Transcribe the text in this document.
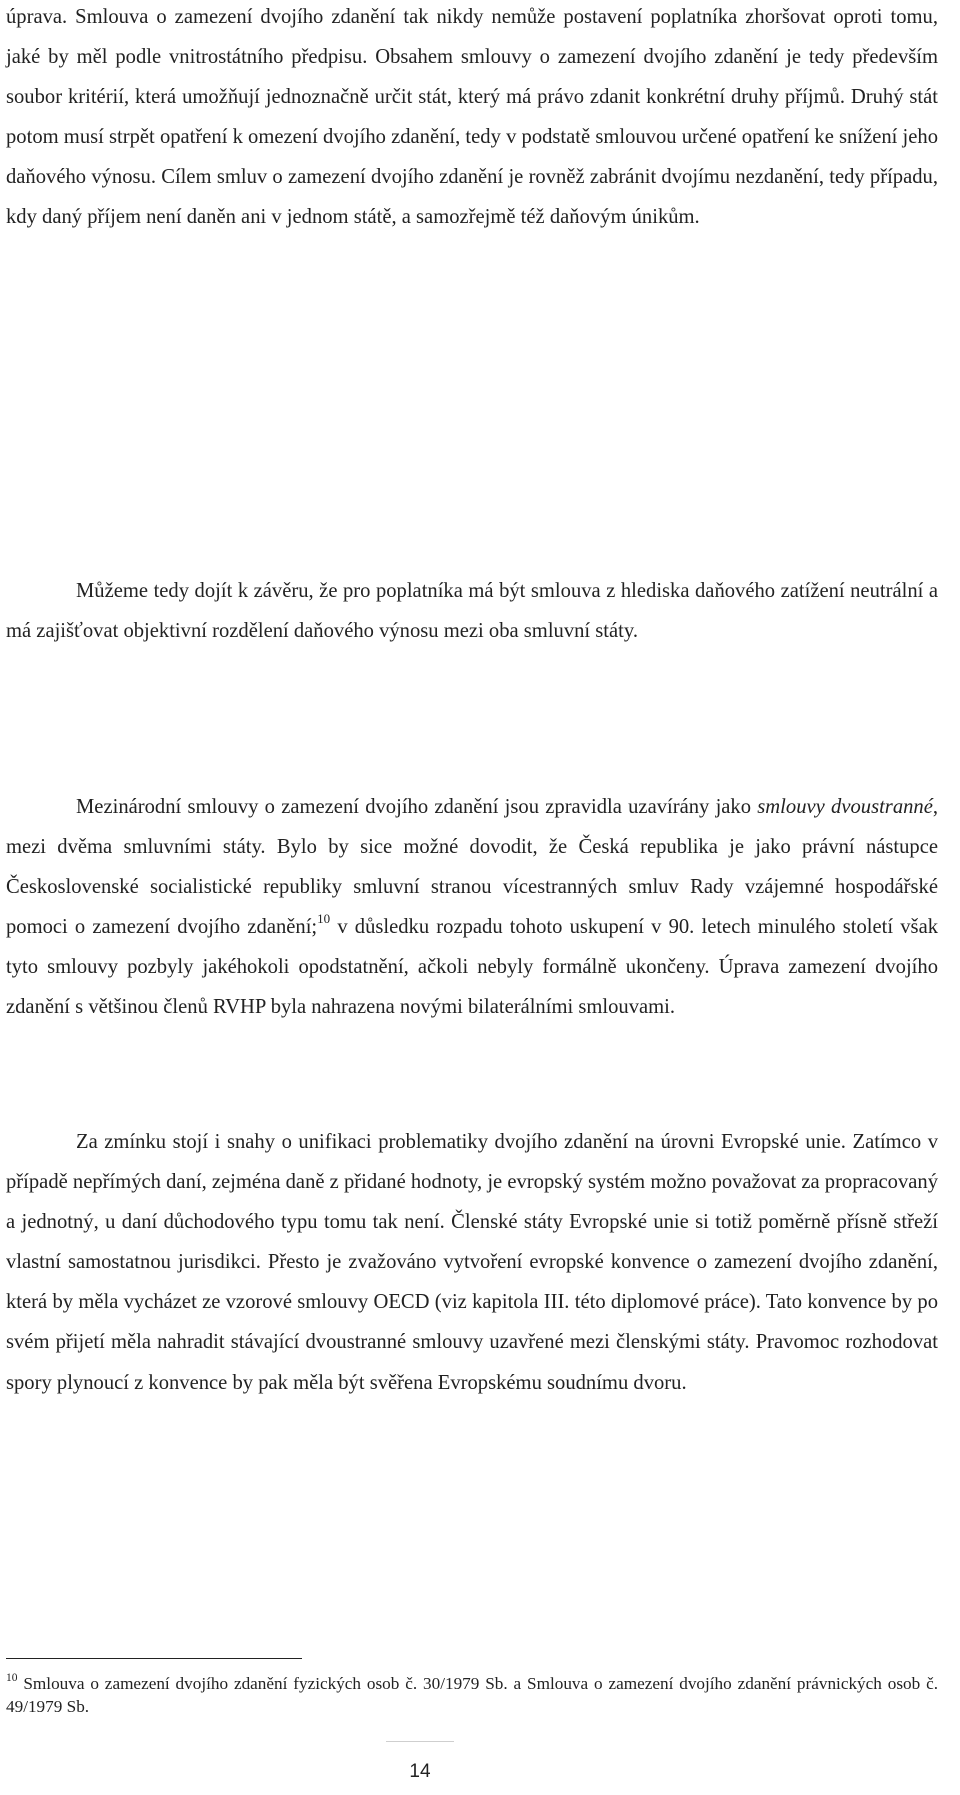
úprava. Smlouva o zamezení dvojího zdanění tak nikdy nemůže postavení poplatníka zhoršovat oproti tomu, jaké by měl podle vnitrostátního předpisu. Obsahem smlouvy o zamezení dvojího zdanění je tedy především soubor kritérií, která umožňují jednoznačně určit stát, který má právo zdanit konkrétní druhy příjmů. Druhý stát potom musí strpět opatření k omezení dvojího zdanění, tedy v podstatě smlouvou určené opatření ke snížení jeho daňového výnosu. Cílem smluv o zamezení dvojího zdanění je rovněž zabránit dvojímu nezdanění, tedy případu, kdy daný příjem není daněn ani v jednom státě, a samozřejmě též daňovým únikům.

Můžeme tedy dojít k závěru, že pro poplatníka má být smlouva z hlediska daňového zatížení neutrální a má zajišťovat objektivní rozdělení daňového výnosu mezi oba smluvní státy.

Mezinárodní smlouvy o zamezení dvojího zdanění jsou zpravidla uzavírány jako smlouvy dvoustranné, mezi dvěma smluvními státy. Bylo by sice možné dovodit, že Česká republika je jako právní nástupce Československé socialistické republiky smluvní stranou vícestranných smluv Rady vzájemné hospodářské pomoci o zamezení dvojího zdanění;$^{10}$ v důsledku rozpadu tohoto uskupení v 90. letech minulého století však tyto smlouvy pozbyly jakéhokoli opodstatnění, ačkoli nebyly formálně ukončeny. Úprava zamezení dvojího zdanění s většinou členů RVHP byla nahrazena novými bilaterálními smlouvami.

Za zmínku stojí i snahy o unifikaci problematiky dvojího zdanění na úrovni Evropské unie. Zatímco v případě nepřímých daní, zejména daně z přidané hodnoty, je evropský systém možno považovat za propracovaný a jednotný, u daní důchodového typu tomu tak není. Členské státy Evropské unie si totiž poměrně přísně střeží vlastní samostatnou jurisdikci. Přesto je zvažováno vytvoření evropské konvence o zamezení dvojího zdanění, která by měla vycházet ze vzorové smlouvy OECD (viz kapitola III. této diplomové práce). Tato konvence by po svém přijetí měla nahradit stávající dvoustranné smlouvy uzavřené mezi členskými státy. Pravomoc rozhodovat spory plynoucí z konvence by pak měla být svěřena Evropskému soudnímu dvoru.

$^{10}$ Smlouva o zamezení dvojího zdanění fyzických osob č. 30/1979 Sb. a Smlouva o zamezení dvojího zdanění právnických osob č. 49/1979 Sb.

14
